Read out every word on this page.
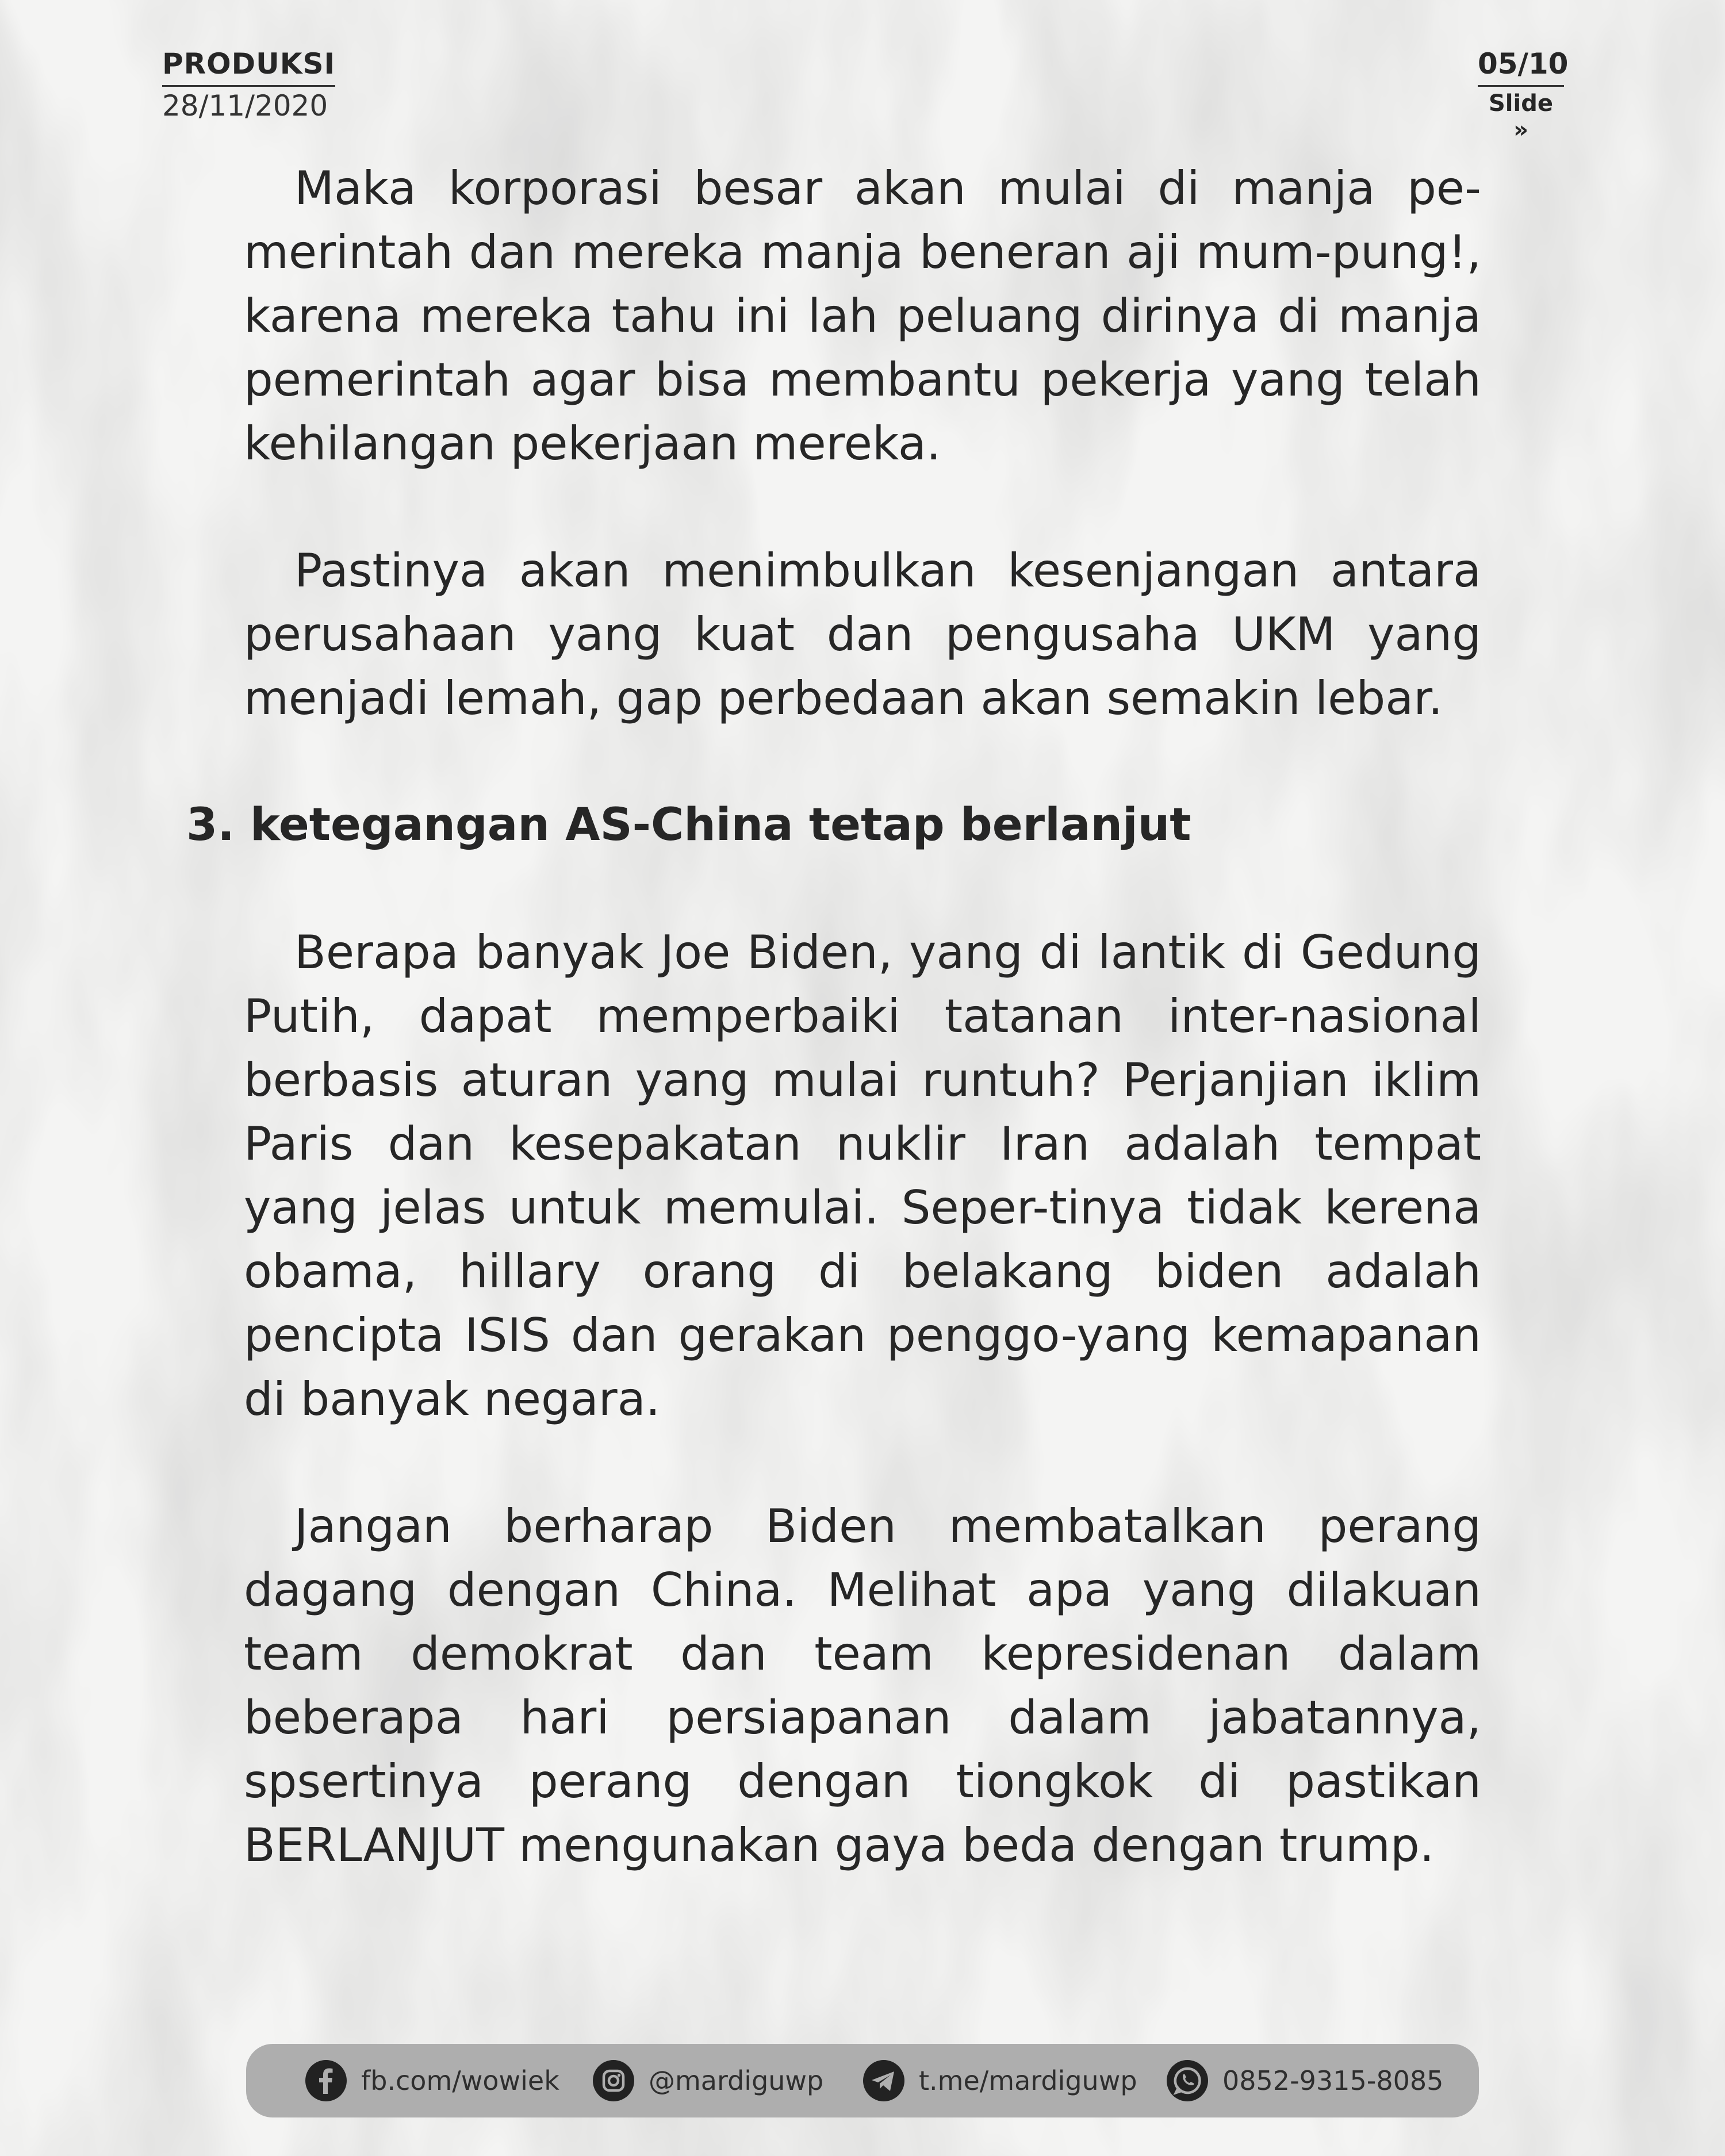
PRODUKSI
28/11/2020
05/10
Slide »

Maka korporasi besar akan mulai di manja pe-merintah dan mereka manja beneran aji mum-pung!, karena mereka tahu ini lah peluang dirinya di manja pemerintah agar bisa membantu pekerja yang telah kehilangan pekerjaan mereka.

Pastinya akan menimbulkan kesenjangan antara perusahaan yang kuat dan pengusaha UKM yang menjadi lemah, gap perbedaan akan semakin lebar.

3. ketegangan AS-China tetap berlanjut

Berapa banyak Joe Biden, yang di lantik di Gedung Putih, dapat memperbaiki tatanan inter-nasional berbasis aturan yang mulai runtuh? Perjanjian iklim Paris dan kesepakatan nuklir Iran adalah tempat yang jelas untuk memulai. Seper-tinya tidak kerena obama, hillary orang di belakang biden adalah pencipta ISIS dan gerakan penggo-yang kemapanan di banyak negara.

Jangan berharap Biden membatalkan perang dagang dengan China. Melihat apa yang dilakuan team demokrat dan team kepresidenan dalam beberapa hari persiapanan dalam jabatannya, spsertinya perang dengan tiongkok di pastikan BERLANJUT mengunakan gaya beda dengan trump.

fb.com/wowiek	@mardiguwp	t.me/mardiguwp	0852-9315-8085
